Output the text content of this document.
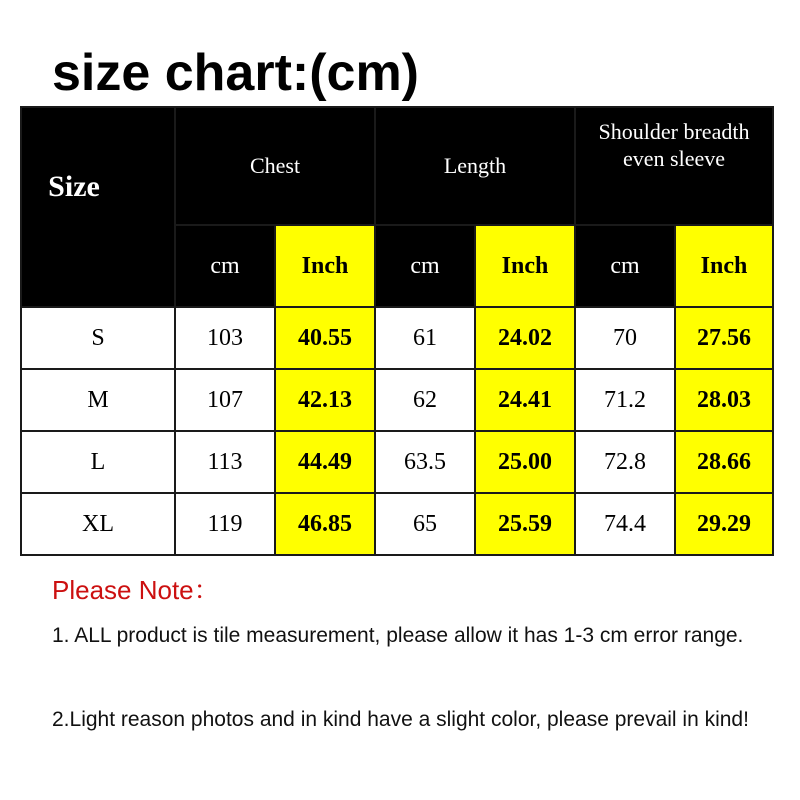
size chart:(cm)
Size	Chest		Length		Shoulder breadth even sleeve	
	cm	Inch	cm	Inch	cm	Inch
S	103	40.55	61	24.02	70	27.56
M	107	42.13	62	24.41	71.2	28.03
L	113	44.49	63.5	25.00	72.8	28.66
XL	119	46.85	65	25.59	74.4	29.29
Please Note：
1. ALL product is tile measurement, please allow it has 1-3 cm error range.
2.Light reason photos and in kind have a slight color, please prevail in kind!
